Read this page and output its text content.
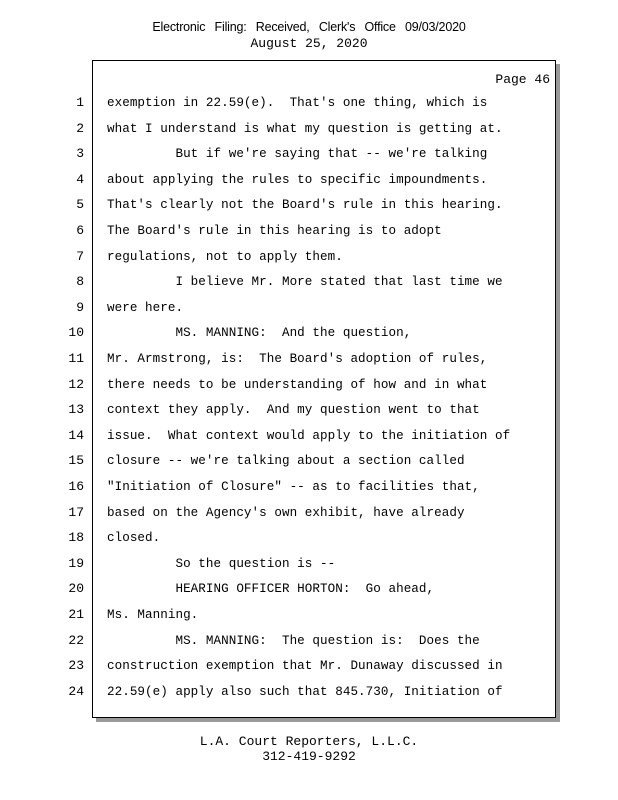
Electronic Filing: Received, Clerk's Office 09/03/2020
August 25, 2020
Page 46
1 exemption in 22.59(e).  That's one thing, which is
2 what I understand is what my question is getting at.
3 But if we're saying that -- we're talking
4 about applying the rules to specific impoundments.
5 That's clearly not the Board's rule in this hearing.
6 The Board's rule in this hearing is to adopt
7 regulations, not to apply them.
8 I believe Mr. More stated that last time we
9 were here.
10 MS. MANNING:  And the question,
11 Mr. Armstrong, is:  The Board's adoption of rules,
12 there needs to be understanding of how and in what
13 context they apply.  And my question went to that
14 issue.  What context would apply to the initiation of
15 closure -- we're talking about a section called
16 "Initiation of Closure" -- as to facilities that,
17 based on the Agency's own exhibit, have already
18 closed.
19 So the question is --
20 HEARING OFFICER HORTON:  Go ahead,
21 Ms. Manning.
22 MS. MANNING:  The question is:  Does the
23 construction exemption that Mr. Dunaway discussed in
24 22.59(e) apply also such that 845.730, Initiation of
L.A. Court Reporters, L.L.C.
312-419-9292
